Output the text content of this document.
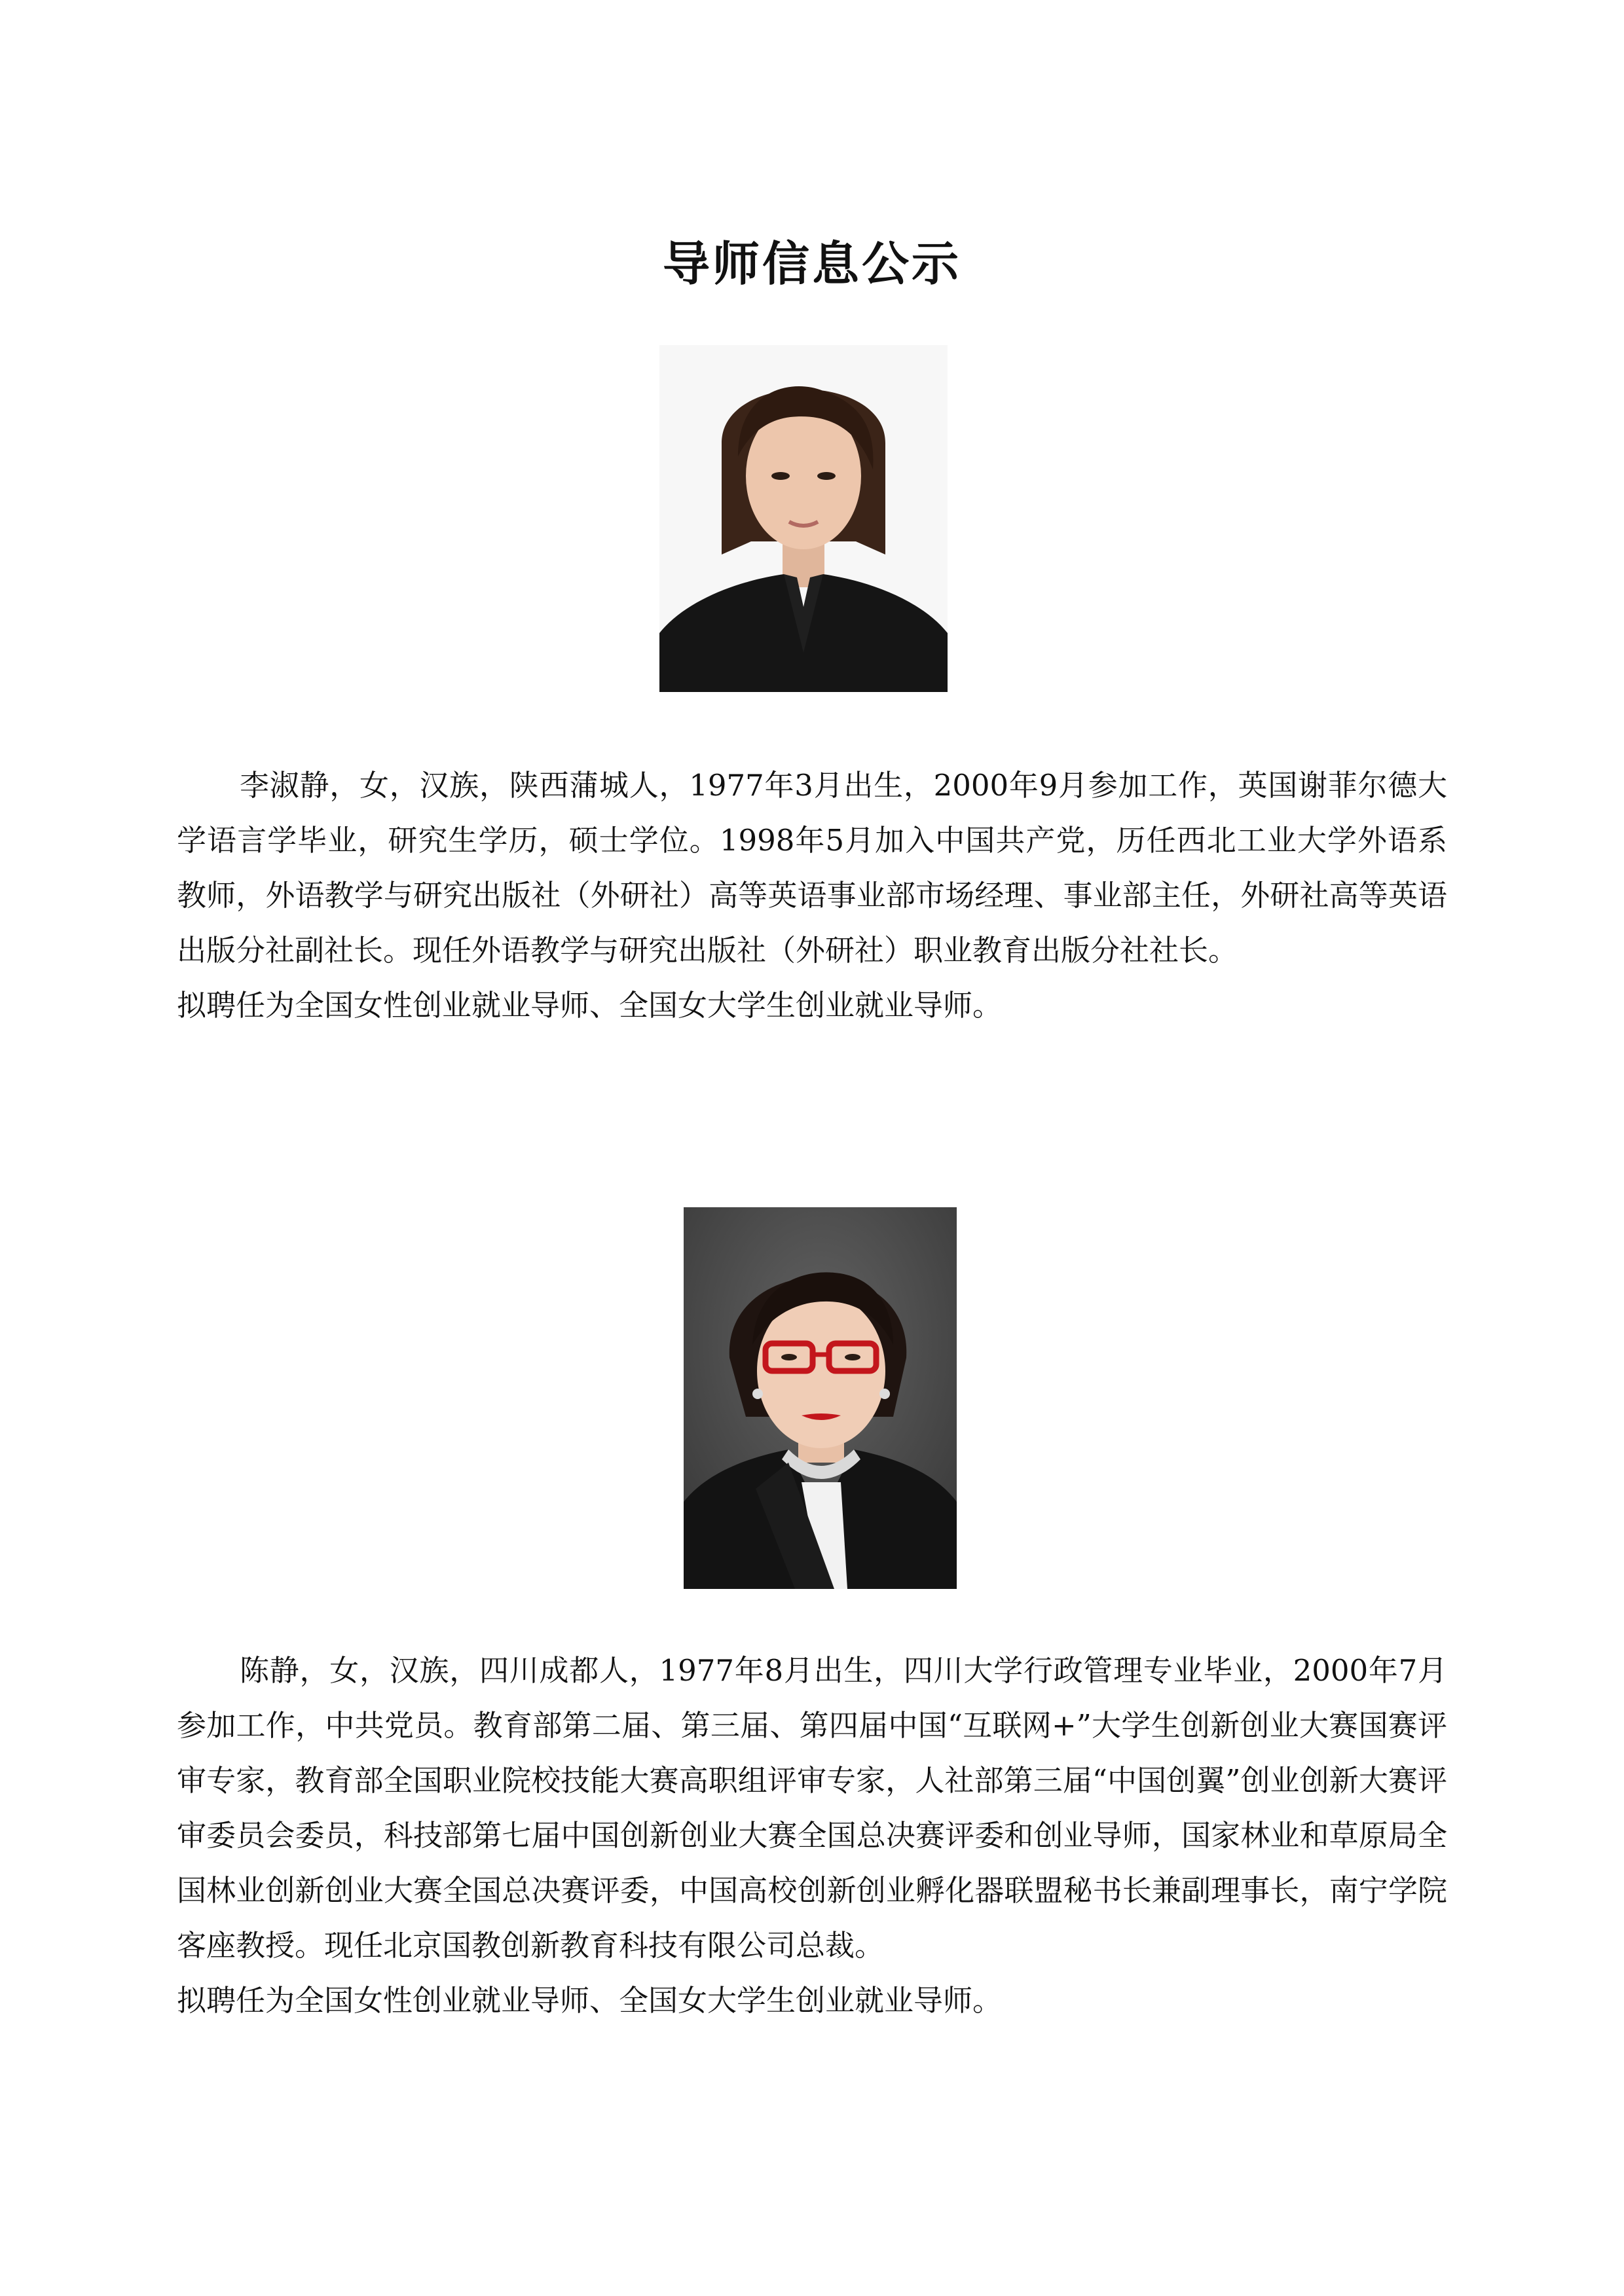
导师信息公示

李淑静，女，汉族，陕西蒲城人，1977年3月出生，2000年9月参加工作，英国谢菲尔德大学语言学毕业，研究生学历，硕士学位。1998年5月加入中国共产党，历任西北工业大学外语系教师，外语教学与研究出版社（外研社）高等英语事业部市场经理、事业部主任，外研社高等英语出版分社副社长。现任外语教学与研究出版社（外研社）职业教育出版分社社长。

拟聘任为全国女性创业就业导师、全国女大学生创业就业导师。

陈静，女，汉族，四川成都人，1977年8月出生，四川大学行政管理专业毕业，2000年7月参加工作，中共党员。教育部第二届、第三届、第四届中国“互联网+”大学生创新创业大赛国赛评审专家，教育部全国职业院校技能大赛高职组评审专家，人社部第三届“中国创翼”创业创新大赛评审委员会委员，科技部第七届中国创新创业大赛全国总决赛评委和创业导师，国家林业和草原局全国林业创新创业大赛全国总决赛评委，中国高校创新创业孵化器联盟秘书长兼副理事长，南宁学院客座教授。现任北京国教创新教育科技有限公司总裁。

拟聘任为全国女性创业就业导师、全国女大学生创业就业导师。
